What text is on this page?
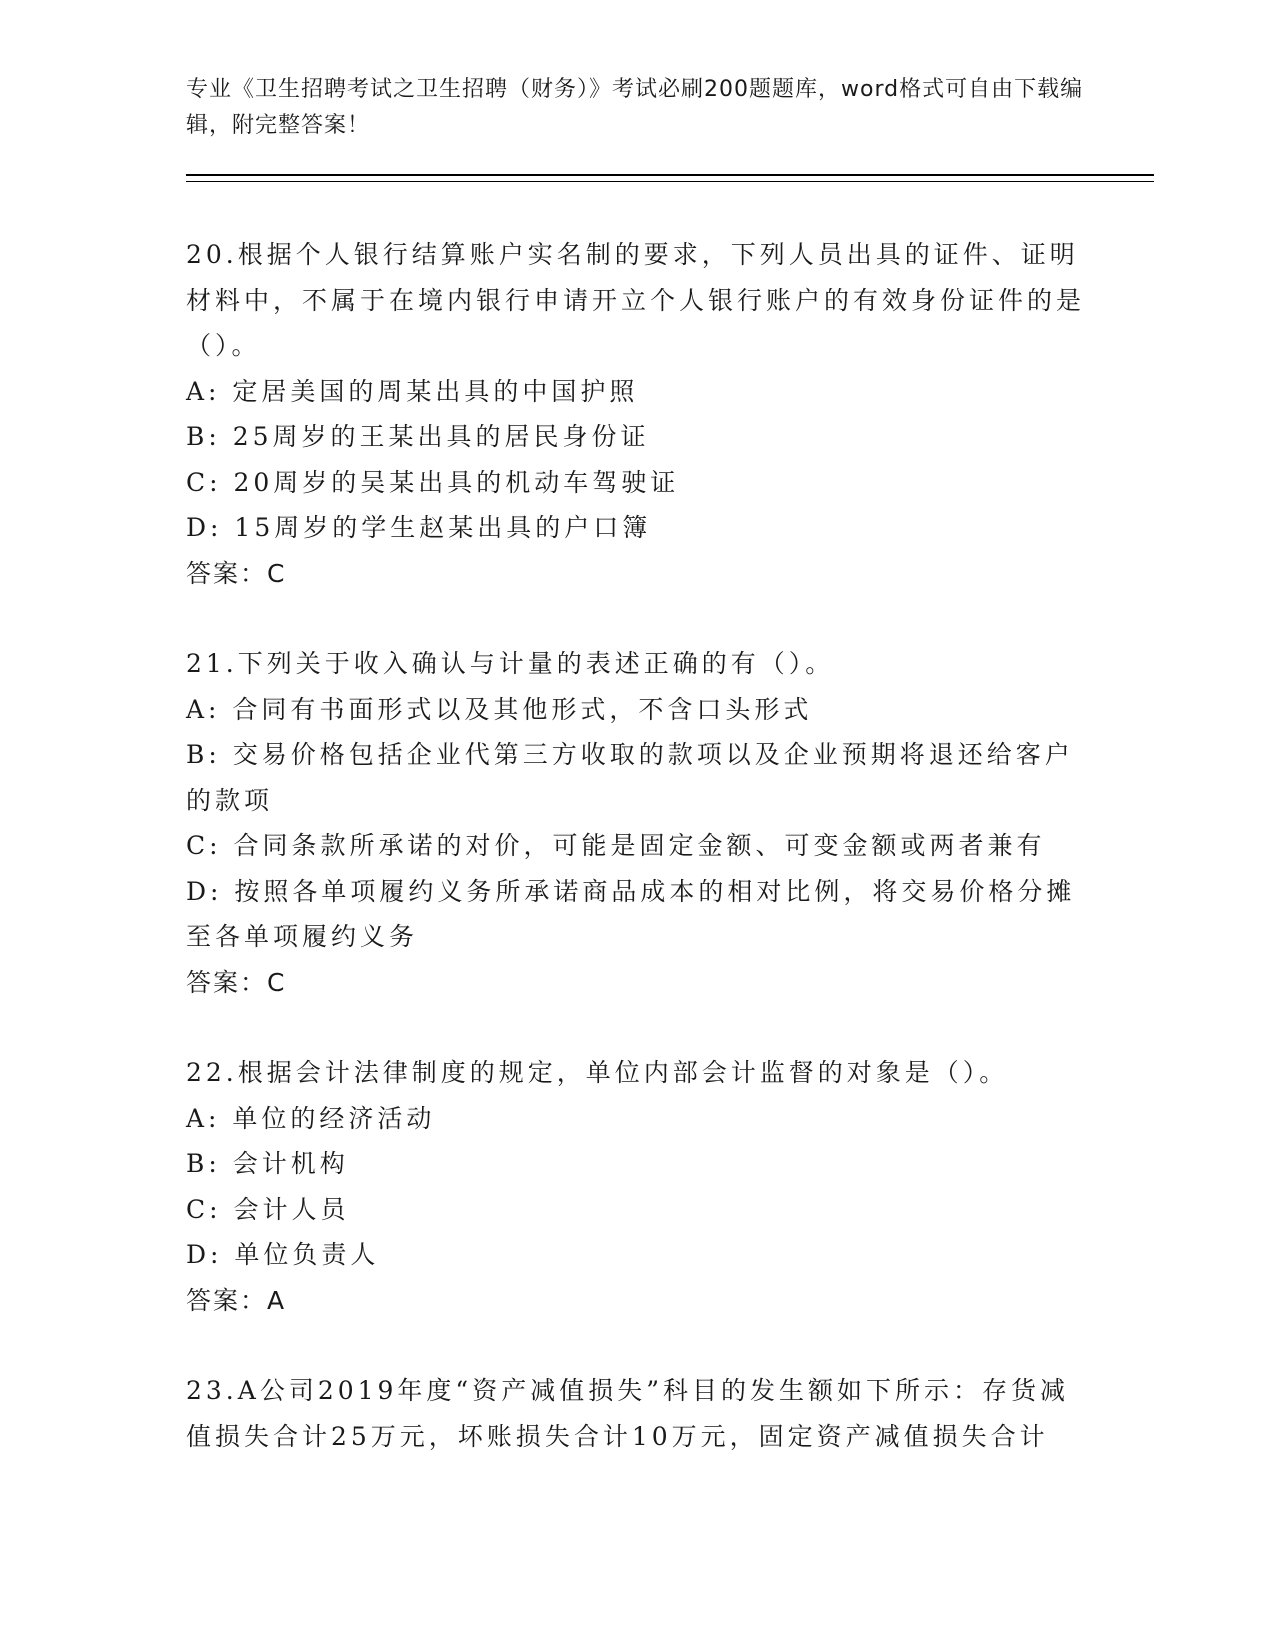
专业《卫生招聘考试之卫生招聘（财务）》考试必刷200题题库，word格式可自由下载编辑，附完整答案！

20.根据个人银行结算账户实名制的要求，下列人员出具的证件、证明材料中，不属于在境内银行申请开立个人银行账户的有效身份证件的是（）。

A: 定居美国的周某出具的中国护照

B: 25周岁的王某出具的居民身份证

C: 20周岁的吴某出具的机动车驾驶证

D: 15周岁的学生赵某出具的户口簿

答案：C

21.下列关于收入确认与计量的表述正确的有（）。

A: 合同有书面形式以及其他形式，不含口头形式

B: 交易价格包括企业代第三方收取的款项以及企业预期将退还给客户的款项

C: 合同条款所承诺的对价，可能是固定金额、可变金额或两者兼有

D: 按照各单项履约义务所承诺商品成本的相对比例，将交易价格分摊至各单项履约义务

答案：C

22.根据会计法律制度的规定，单位内部会计监督的对象是（）。

A: 单位的经济活动

B: 会计机构

C: 会计人员

D: 单位负责人

答案：A

23.A公司2019年度“资产减值损失”科目的发生额如下所示：存货减值损失合计25万元，坏账损失合计10万元，固定资产减值损失合计
